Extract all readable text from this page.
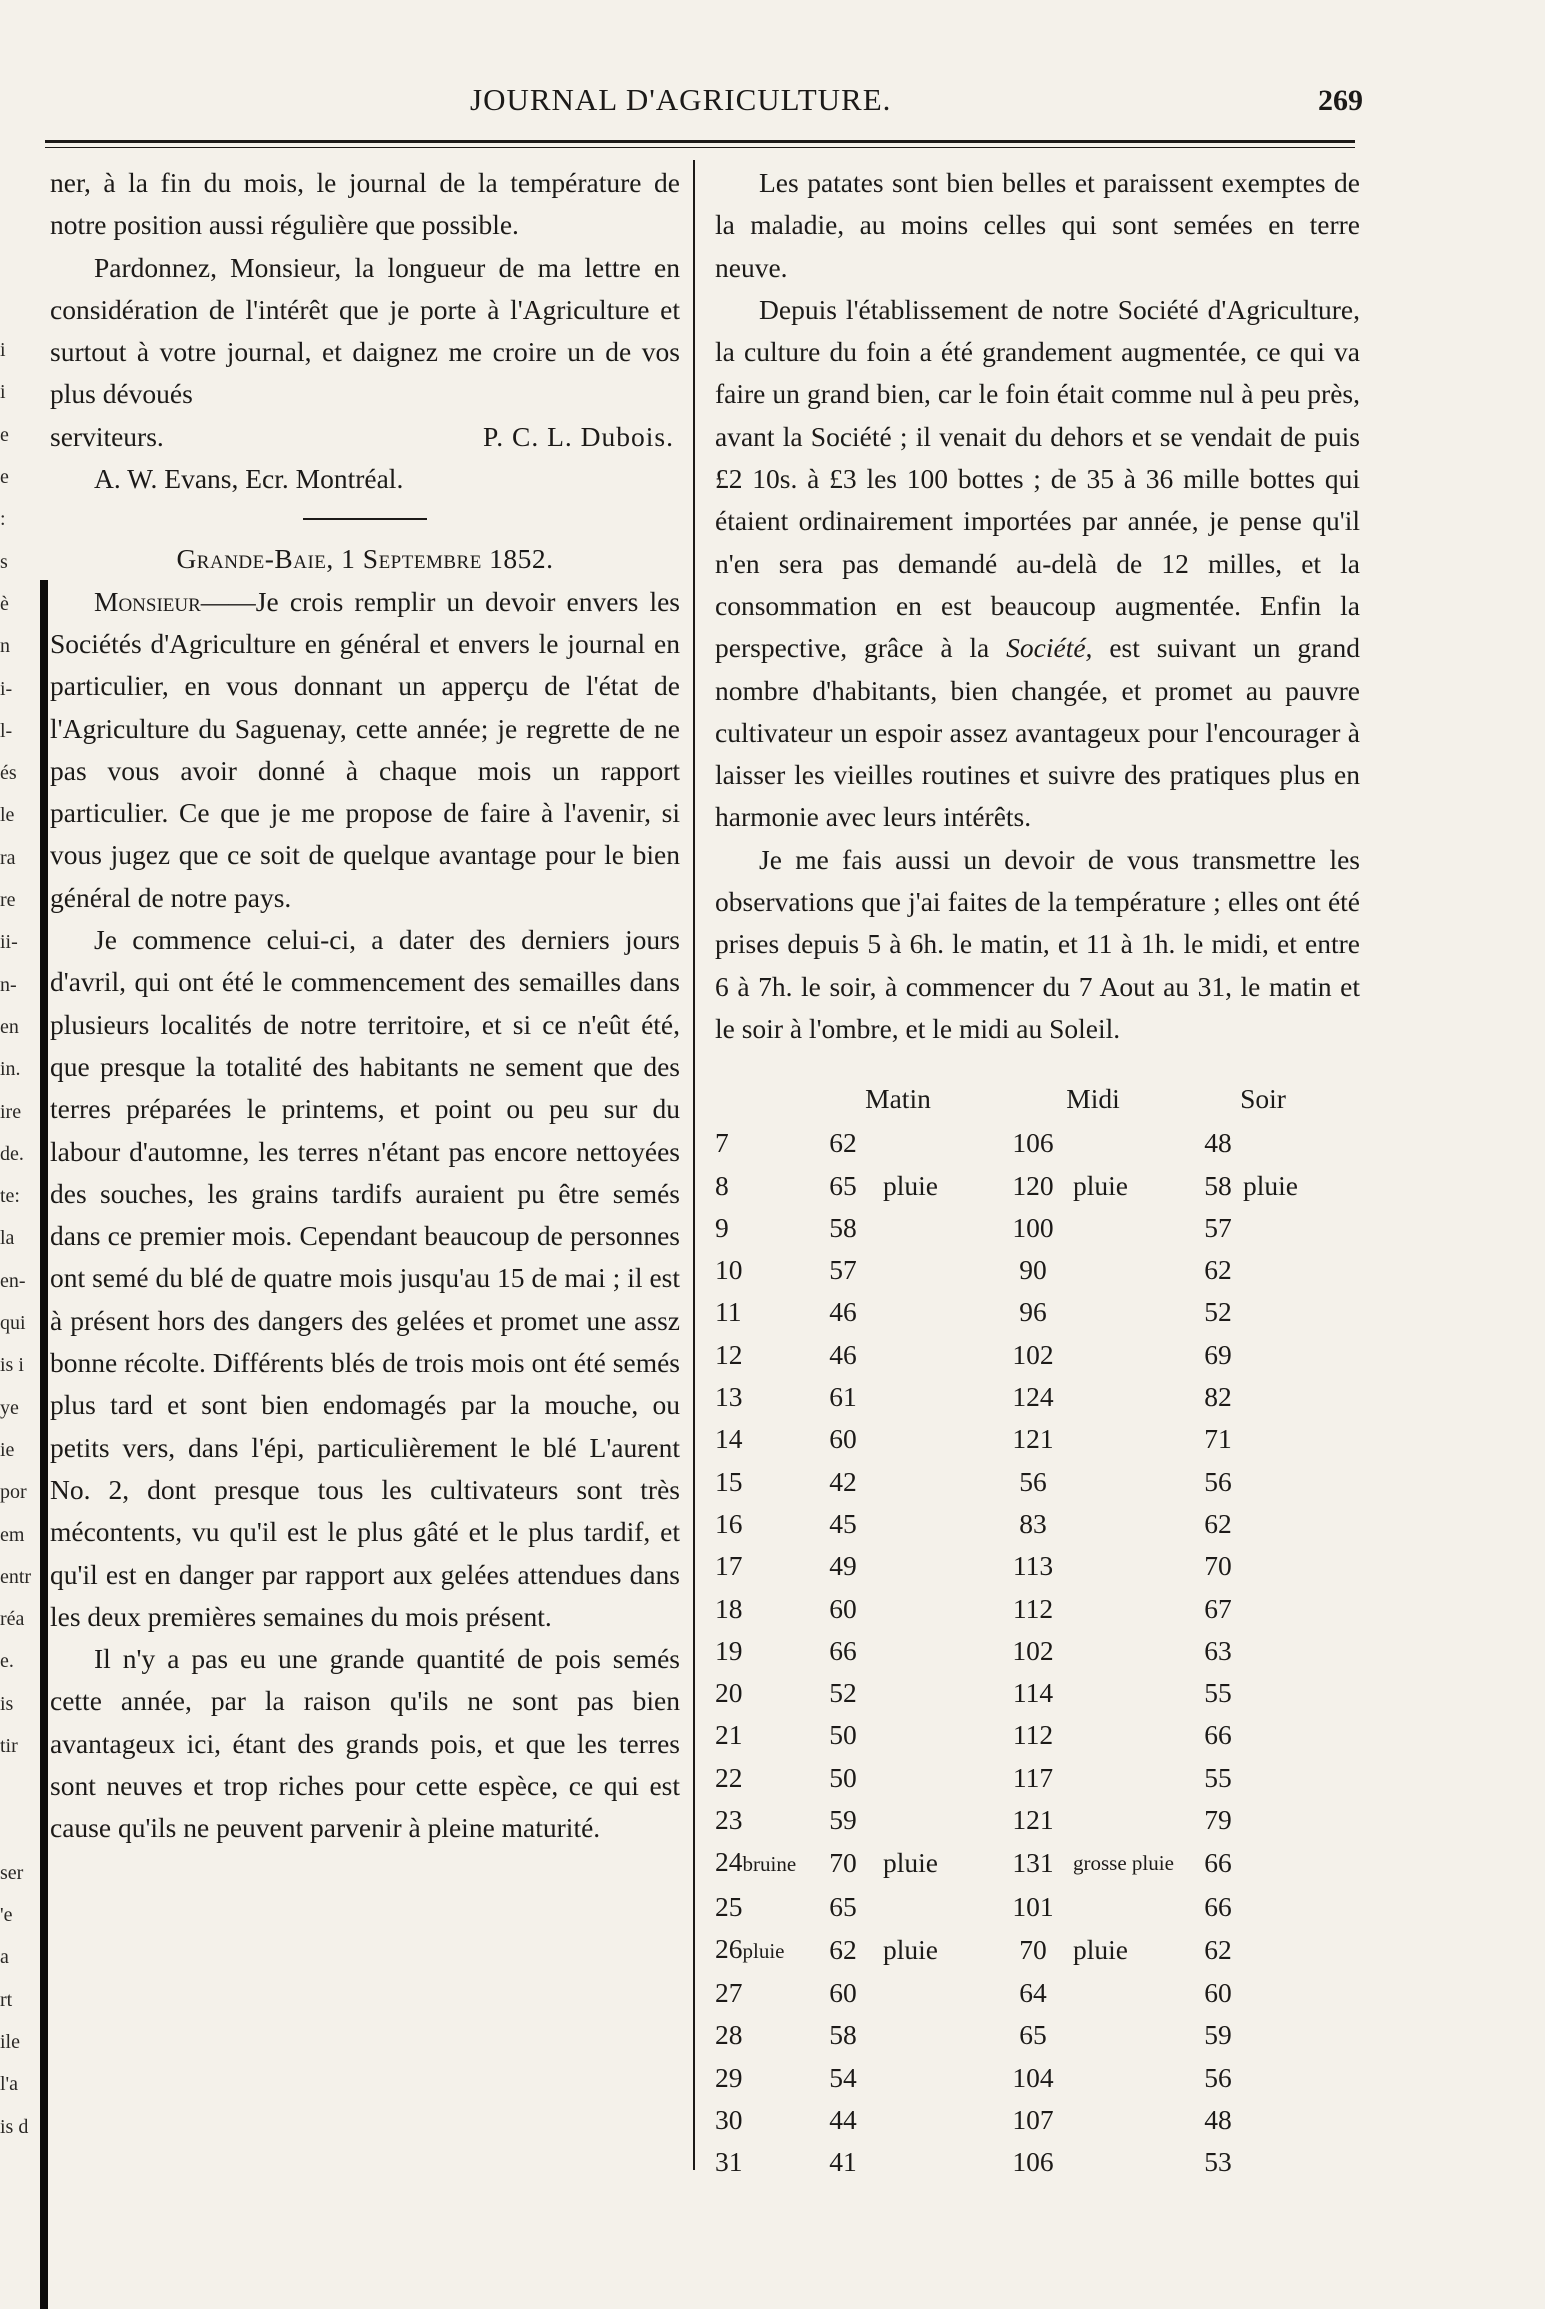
JOURNAL D'AGRICULTURE.	269
i
i
e
e
:
s
è
n
i-
l-
és
le
ra
re
ii-
n-
en
in.
ire
de.
te:
la
en-
qui
is i
ye
ie
por
em
entr
réa
e.
is
tir
ser
'e
a
rt
ile
l'a
is d

ner, à la fin du mois, le journal de la température de notre position aussi régulière que possible.

Pardonnez, Monsieur, la longueur de ma lettre en considération de l'intérêt que je porte à l'Agriculture et surtout à votre journal, et daignez me croire un de vos plus dévoués

serviteurs.	P. C. L. Dubois.
A. W. Evans, Ecr. Montréal.
Grande-Baie, 1 Septembre 1852.

Monsieur——Je crois remplir un devoir envers les Sociétés d'Agriculture en général et envers le journal en particulier, en vous donnant un apperçu de l'état de l'Agriculture du Saguenay, cette année; je regrette de ne pas vous avoir donné à chaque mois un rapport particulier. Ce que je me propose de faire à l'avenir, si vous jugez que ce soit de quelque avantage pour le bien général de notre pays.

Je commence celui-ci, a dater des derniers jours d'avril, qui ont été le commencement des semailles dans plusieurs localités de notre territoire, et si ce n'eût été, que presque la totalité des habitants ne sement que des terres préparées le printems, et point ou peu sur du labour d'automne, les terres n'étant pas encore nettoyées des souches, les grains tardifs auraient pu être semés dans ce premier mois. Cependant beaucoup de personnes ont semé du blé de quatre mois jusqu'au 15 de mai ; il est à présent hors des dangers des gelées et promet une assz bonne récolte. Différents blés de trois mois ont été semés plus tard et sont bien endomagés par la mouche, ou petits vers, dans l'épi, particulièrement le blé L'aurent No. 2, dont presque tous les cultivateurs sont très mécontents, vu qu'il est le plus gâté et le plus tardif, et qu'il est en danger par rapport aux gelées attendues dans les deux premières semaines du mois présent.

Il n'y a pas eu une grande quantité de pois semés cette année, par la raison qu'ils ne sont pas bien avantageux ici, étant des grands pois, et que les terres sont neuves et trop riches pour cette espèce, ce qui est cause qu'ils ne peuvent parvenir à pleine maturité.

Les patates sont bien belles et paraissent exemptes de la maladie, au moins celles qui sont semées en terre neuve.

Depuis l'établissement de notre Société d'Agriculture, la culture du foin a été grandement augmentée, ce qui va faire un grand bien, car le foin était comme nul à peu près, avant la Société ; il venait du dehors et se vendait de puis £2 10s. à £3 les 100 bottes ; de 35 à 36 mille bottes qui étaient ordinairement importées par année, je pense qu'il n'en sera pas demandé au-delà de 12 milles, et la consommation en est beaucoup augmentée. Enfin la perspective, grâce à la Société, est suivant un grand nombre d'habitants, bien changée, et promet au pauvre cultivateur un espoir assez avantageux pour l'encourager à laisser les vieilles routines et suivre des pratiques plus en harmonie avec leurs intérêts.

Je me fais aussi un devoir de vous transmettre les observations que j'ai faites de la température ; elles ont été prises depuis 5 à 6h. le matin, et 11 à 1h. le midi, et entre 6 à 7h. le soir, à commencer du 7 Aout au 31, le matin et le soir à l'ombre, et le midi au Soleil.

	Matin		Midi		Soir	
7	62		106		48	
8	65	pluie	120	pluie	58	pluie
9	58		100		57	
10	57		90		62	
11	46		96		52	
12	46		102		69	
13	61		124		82	
14	60		121		71	
15	42		56		56	
16	45		83		62	
17	49		113		70	
18	60		112		67	
19	66		102		63	
20	52		114		55	
21	50		112		66	
22	50		117		55	
23	59		121		79	
24bruine	70	pluie	131	grosse pluie	66	
25	65		101		66	
26pluie	62	pluie	70	pluie	62	
27	60		64		60	
28	58		65		59	
29	54		104		56	
30	44		107		48	
31	41		106		53	
